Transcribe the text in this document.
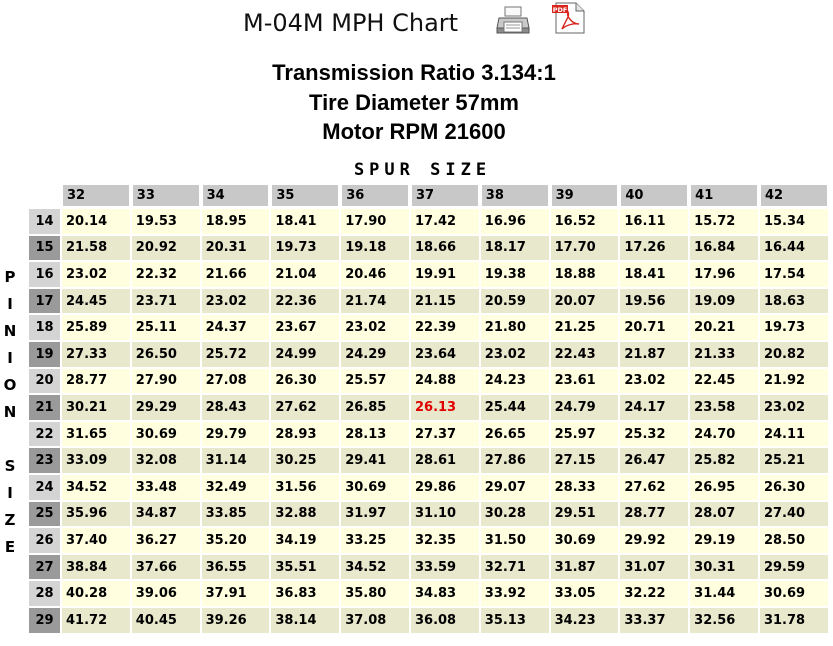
M-04M MPH Chart	PDF
Transmission Ratio 3.134:1
Tire Diameter 57mm
Motor RPM 21600
SPUR SIZE
P
I
N
I
O
N
S
I
Z
E
	32	33	34	35	36	37	38	39	40	41	42
14	20.14	19.53	18.95	18.41	17.90	17.42	16.96	16.52	16.11	15.72	15.34
15	21.58	20.92	20.31	19.73	19.18	18.66	18.17	17.70	17.26	16.84	16.44
16	23.02	22.32	21.66	21.04	20.46	19.91	19.38	18.88	18.41	17.96	17.54
17	24.45	23.71	23.02	22.36	21.74	21.15	20.59	20.07	19.56	19.09	18.63
18	25.89	25.11	24.37	23.67	23.02	22.39	21.80	21.25	20.71	20.21	19.73
19	27.33	26.50	25.72	24.99	24.29	23.64	23.02	22.43	21.87	21.33	20.82
20	28.77	27.90	27.08	26.30	25.57	24.88	24.23	23.61	23.02	22.45	21.92
21	30.21	29.29	28.43	27.62	26.85	26.13	25.44	24.79	24.17	23.58	23.02
22	31.65	30.69	29.79	28.93	28.13	27.37	26.65	25.97	25.32	24.70	24.11
23	33.09	32.08	31.14	30.25	29.41	28.61	27.86	27.15	26.47	25.82	25.21
24	34.52	33.48	32.49	31.56	30.69	29.86	29.07	28.33	27.62	26.95	26.30
25	35.96	34.87	33.85	32.88	31.97	31.10	30.28	29.51	28.77	28.07	27.40
26	37.40	36.27	35.20	34.19	33.25	32.35	31.50	30.69	29.92	29.19	28.50
27	38.84	37.66	36.55	35.51	34.52	33.59	32.71	31.87	31.07	30.31	29.59
28	40.28	39.06	37.91	36.83	35.80	34.83	33.92	33.05	32.22	31.44	30.69
29	41.72	40.45	39.26	38.14	37.08	36.08	35.13	34.23	33.37	32.56	31.78
